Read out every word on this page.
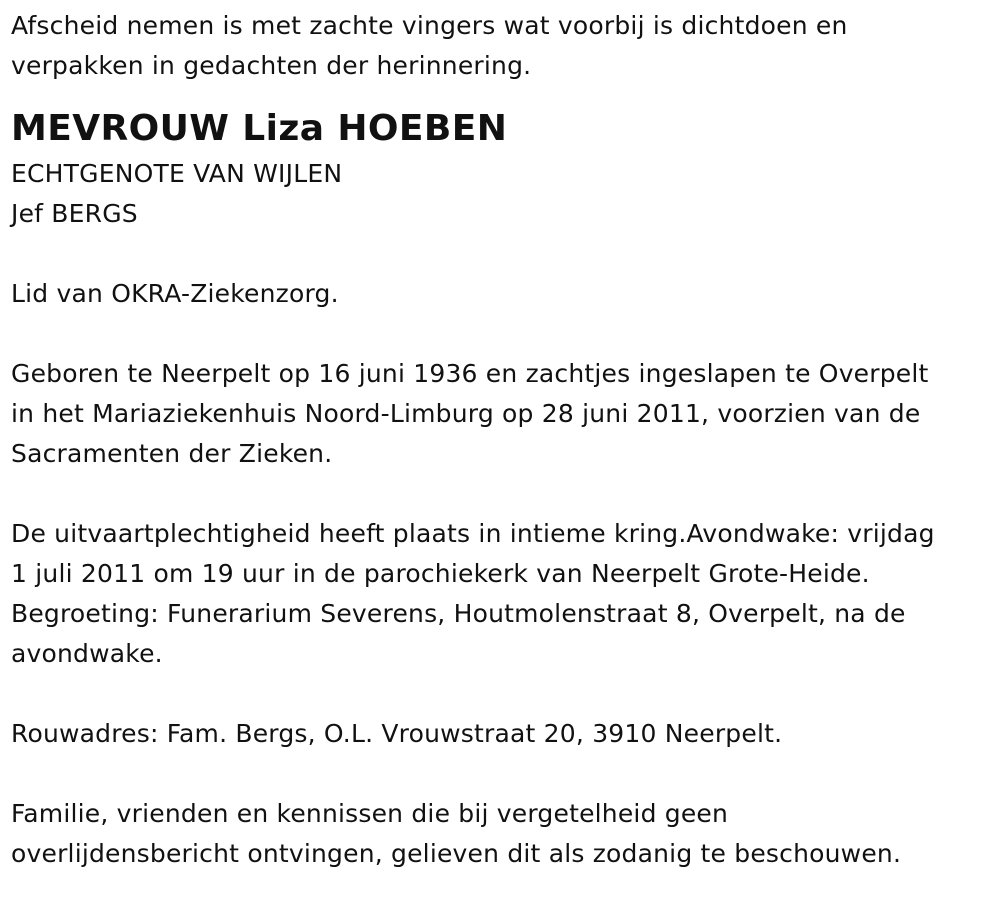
Afscheid nemen is met zachte vingers wat voorbij is dichtdoen en
verpakken in gedachten der herinnering.
MEVROUW Liza HOEBEN
ECHTGENOTE VAN WIJLEN
Jef BERGS
Lid van OKRA-Ziekenzorg.
Geboren te Neerpelt op 16 juni 1936 en zachtjes ingeslapen te Overpelt
in het Mariaziekenhuis Noord-Limburg op 28 juni 2011, voorzien van de
Sacramenten der Zieken.
De uitvaartplechtigheid heeft plaats in intieme kring.Avondwake: vrijdag
1 juli 2011 om 19 uur in de parochiekerk van Neerpelt Grote-Heide.
Begroeting: Funerarium Severens, Houtmolenstraat 8, Overpelt, na de
avondwake.
Rouwadres: Fam. Bergs, O.L. Vrouwstraat 20, 3910 Neerpelt.
Familie, vrienden en kennissen die bij vergetelheid geen
overlijdensbericht ontvingen, gelieven dit als zodanig te beschouwen.
